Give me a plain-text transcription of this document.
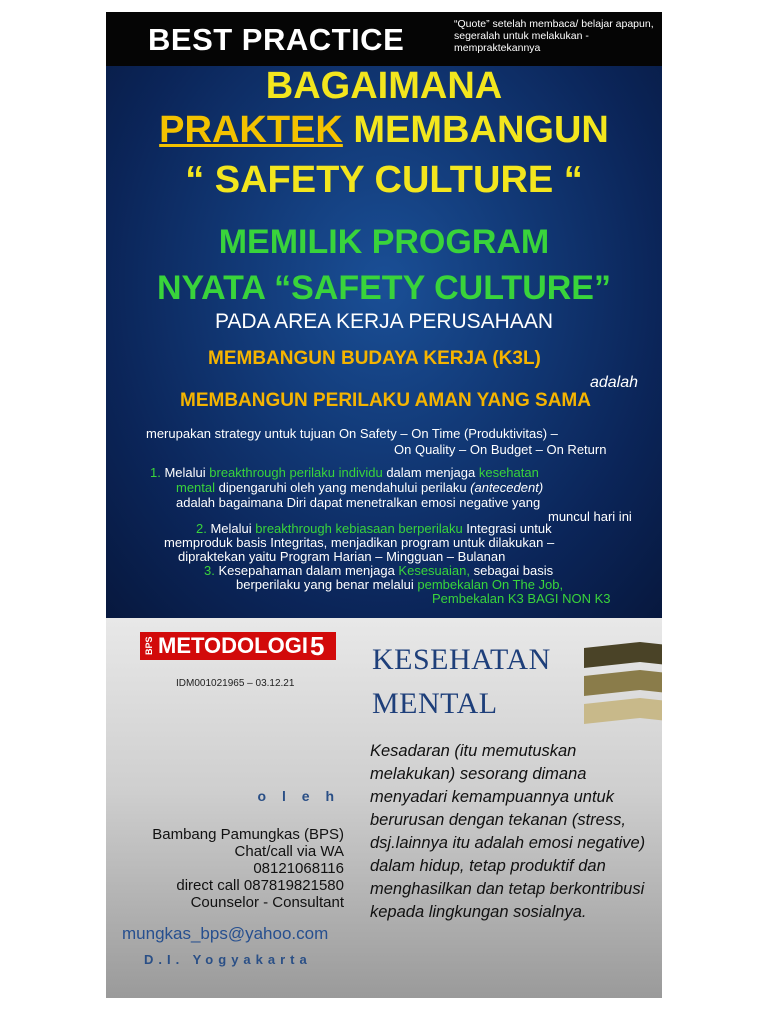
BEST PRACTICE	“Quote” setelah membaca/ belajar apapun, segeralah untuk melakukan - mempraktekannya
BAGAIMANA
PRAKTEK MEMBANGUN
“ SAFETY CULTURE “
MEMILIK PROGRAM
NYATA “SAFETY CULTURE”
PADA AREA KERJA PERUSAHAAN
MEMBANGUN BUDAYA KERJA (K3L)
adalah
MEMBANGUN PERILAKU AMAN YANG SAMA
merupakan strategy untuk tujuan On Safety – On Time (Produktivitas) –
On Quality – On Budget – On Return
1. Melalui breakthrough perilaku individu dalam menjaga kesehatan
mental dipengaruhi oleh yang mendahului perilaku (antecedent)
adalah bagaimana Diri dapat menetralkan emosi negative yang
muncul hari ini
2. Melalui breakthrough kebiasaan berperilaku Integrasi untuk
memproduk basis Integritas, menjadikan program untuk dilakukan –
dipraktekan yaitu Program Harian – Mingguan – Bulanan
3. Kesepahaman dalam menjaga Kesesuaian, sebagai basis
berperilaku yang benar melalui pembekalan On The Job,
Pembekalan K3 BAGI NON K3
BPS METODOLOGI 5
IDM001021965 – 03.12.21
KESEHATAN
MENTAL
Kesadaran (itu memutuskan melakukan) sesorang dimana menyadari kemampuannya untuk berurusan dengan tekanan (stress, dsj.lainnya itu adalah emosi negative) dalam hidup, tetap produktif dan menghasilkan dan tetap berkontribusi kepada lingkungan sosialnya.
o l e h
Bambang Pamungkas (BPS)
Chat/call via WA
08121068116
direct call 087819821580
Counselor - Consultant
mungkas_bps@yahoo.com
D.I. Yogyakarta
